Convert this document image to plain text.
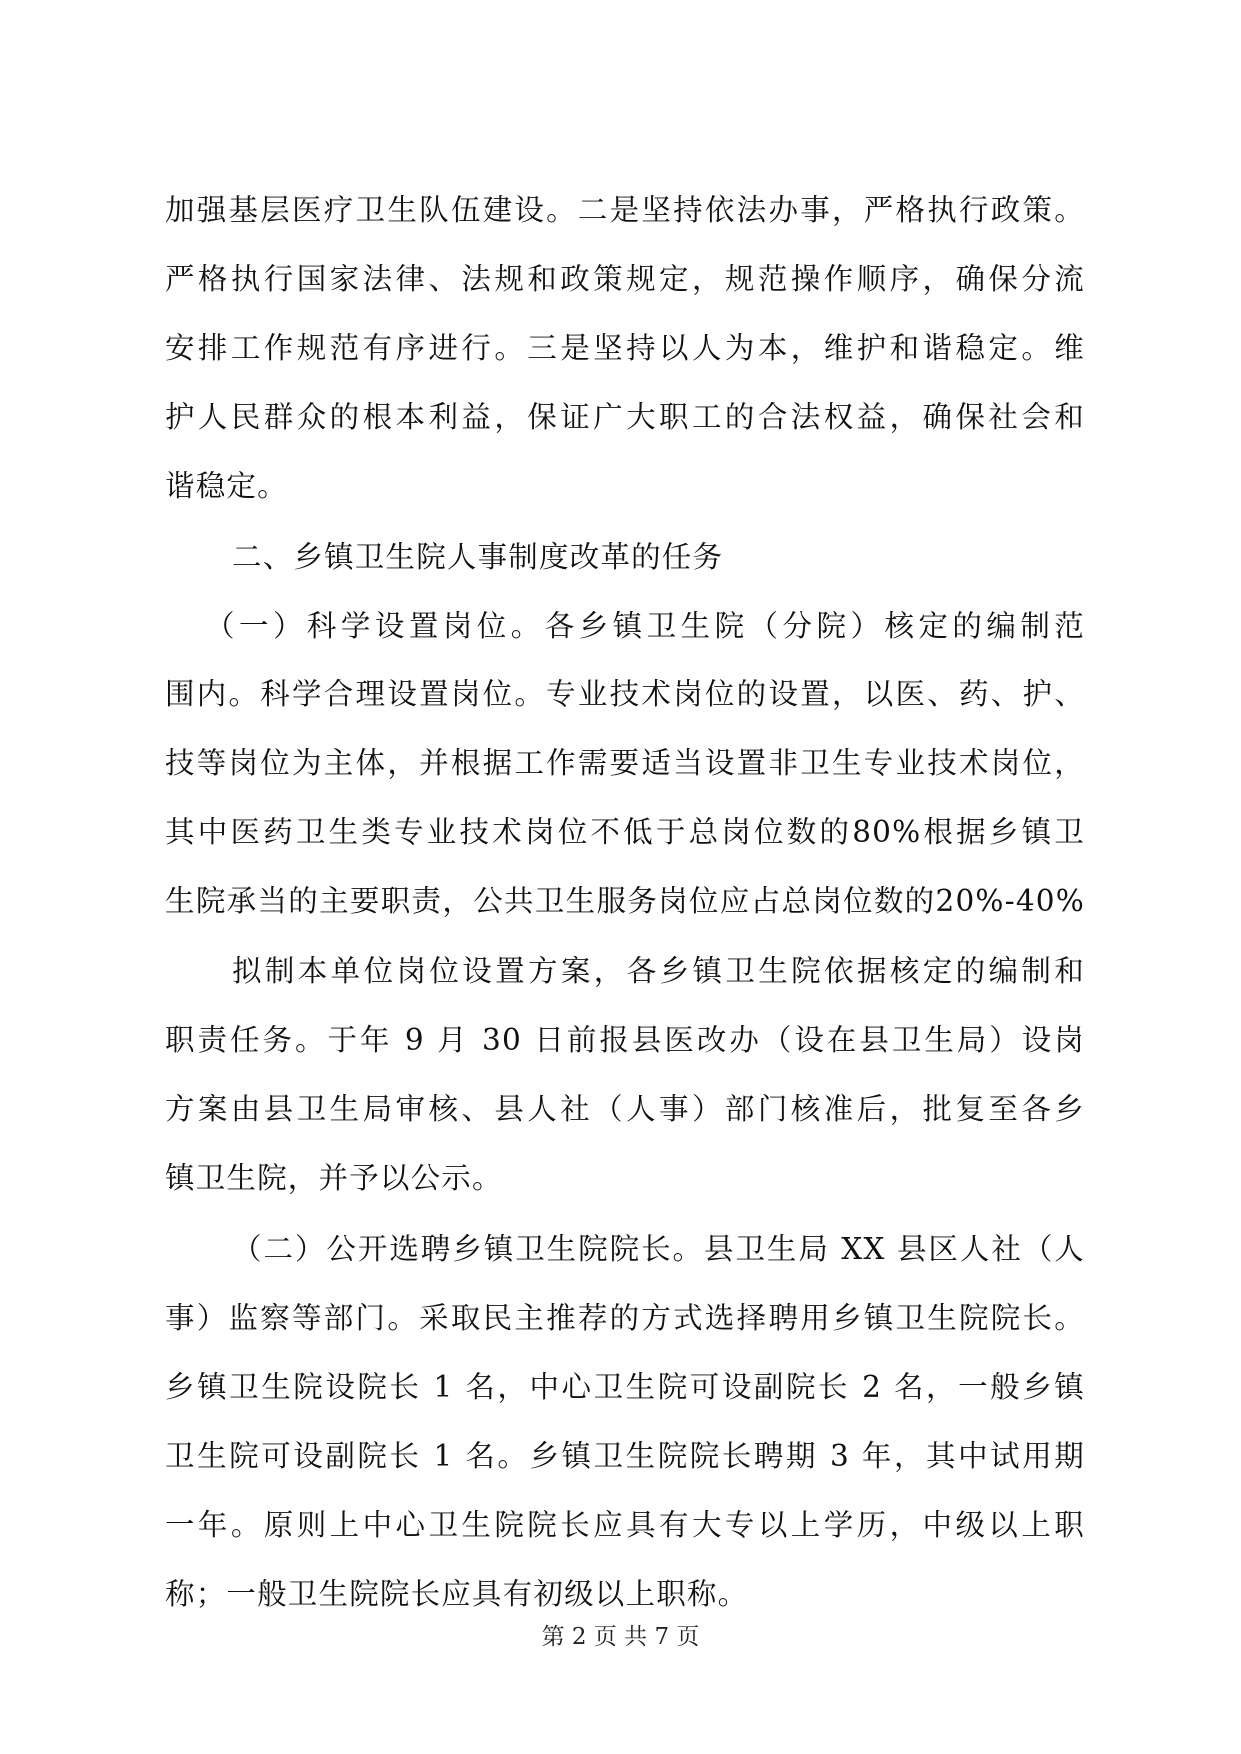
加强基层医疗卫生队伍建设。二是坚持依法办事，严格执行政策。
严格执行国家法律、法规和政策规定，规范操作顺序，确保分流
安排工作规范有序进行。三是坚持以人为本，维护和谐稳定。维
护人民群众的根本利益，保证广大职工的合法权益，确保社会和
谐稳定。
二、乡镇卫生院人事制度改革的任务
（一）科学设置岗位。各乡镇卫生院（分院）核定的编制范
围内。科学合理设置岗位。专业技术岗位的设置，以医、药、护、
技等岗位为主体，并根据工作需要适当设置非卫生专业技术岗位，
其中医药卫生类专业技术岗位不低于总岗位数的80%根据乡镇卫
生院承当的主要职责，公共卫生服务岗位应占总岗位数的20%-40%
拟制本单位岗位设置方案，各乡镇卫生院依据核定的编制和
职责任务。于年 9 月 30 日前报县医改办（设在县卫生局）设岗
方案由县卫生局审核、县人社（人事）部门核准后，批复至各乡
镇卫生院，并予以公示。
（二）公开选聘乡镇卫生院院长。县卫生局 XX 县区人社（人
事）监察等部门。采取民主推荐的方式选择聘用乡镇卫生院院长。
乡镇卫生院设院长 1 名，中心卫生院可设副院长 2 名，一般乡镇
卫生院可设副院长 1 名。乡镇卫生院院长聘期 3 年，其中试用期
一年。原则上中心卫生院院长应具有大专以上学历，中级以上职
称；一般卫生院院长应具有初级以上职称。
第 2 页 共 7 页
